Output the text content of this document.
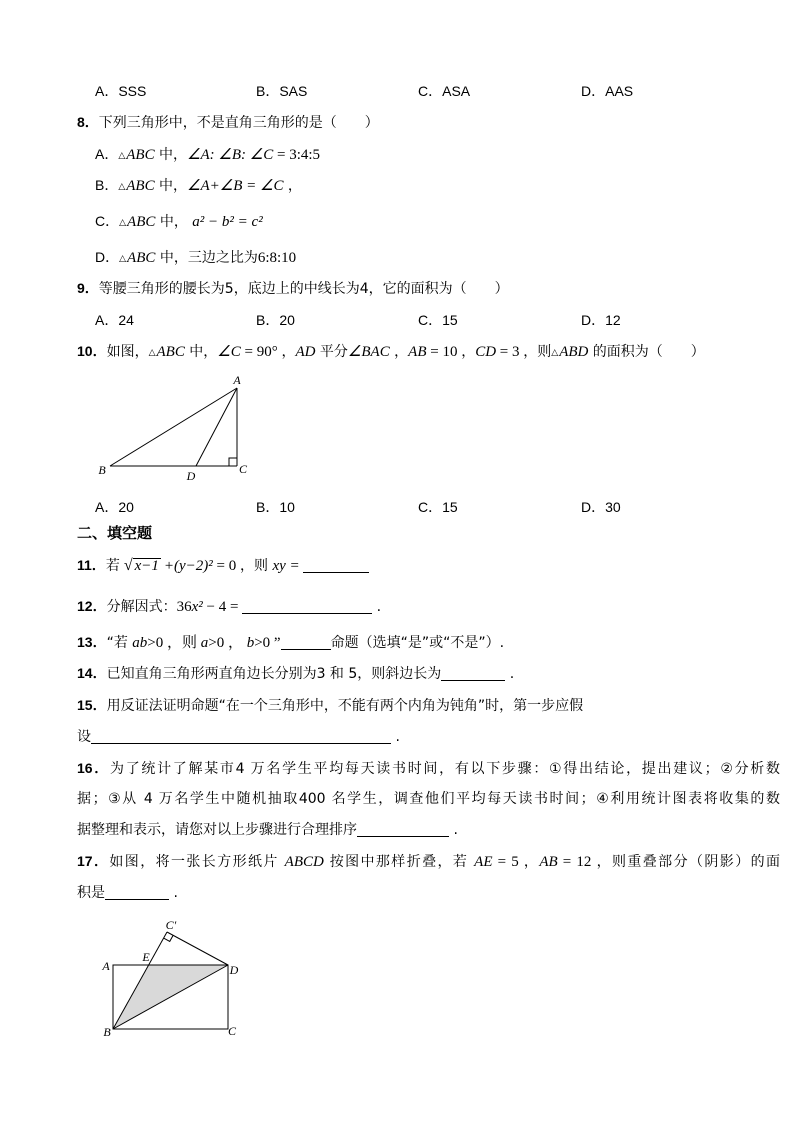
A．SSS	B．SAS	C．ASA	D．AAS
8．下列三角形中，不是直角三角形的是（　　）
A．△ABC 中，∠A: ∠B: ∠C = 3:4:5
B．△ABC 中，∠A+∠B = ∠C ，
C．△ABC 中， a² − b² = c²
D．△ABC 中，三边之比为6:8:10
9．等腰三角形的腰长为5，底边上的中线长为4，它的面积为（　　）
A．24	B．20	C．15	D．12
10．如图，△ABC 中，∠C = 90° ，AD 平分∠BAC ，AB = 10 ，CD = 3 ，则△ABD 的面积为（　　）
A
B	D	C
A．20	B．10	C．15	D．30
二、填空题
11．若 √ x−1 +(y−2)² = 0 ，则 xy =
12．分解因式：36x² − 4 =	.
13．“若 ab>0 ，则 a>0 ， b>0 ”	命题（选填“是”或“不是”）.
14．已知直角三角形两直角边长分别为3 和 5，则斜边长为	.
15．用反证法证明命题“在一个三角形中，不能有两个内角为钝角”时，第一步应假
设	.
16．为了统计了解某市4 万名学生平均每天读书时间，有以下步骤：①得出结论，提出建议；②分析数
据；③从 4 万名学生中随机抽取400 名学生，调查他们平均每天读书时间；④利用统计图表将收集的数
据整理和表示，请您对以上步骤进行合理排序	.
17．如图，将一张长方形纸片 ABCD 按图中那样折叠，若 AE = 5 ，AB = 12 ，则重叠部分（阴影）的面
积是	.
C′
A
E
D
B	C
